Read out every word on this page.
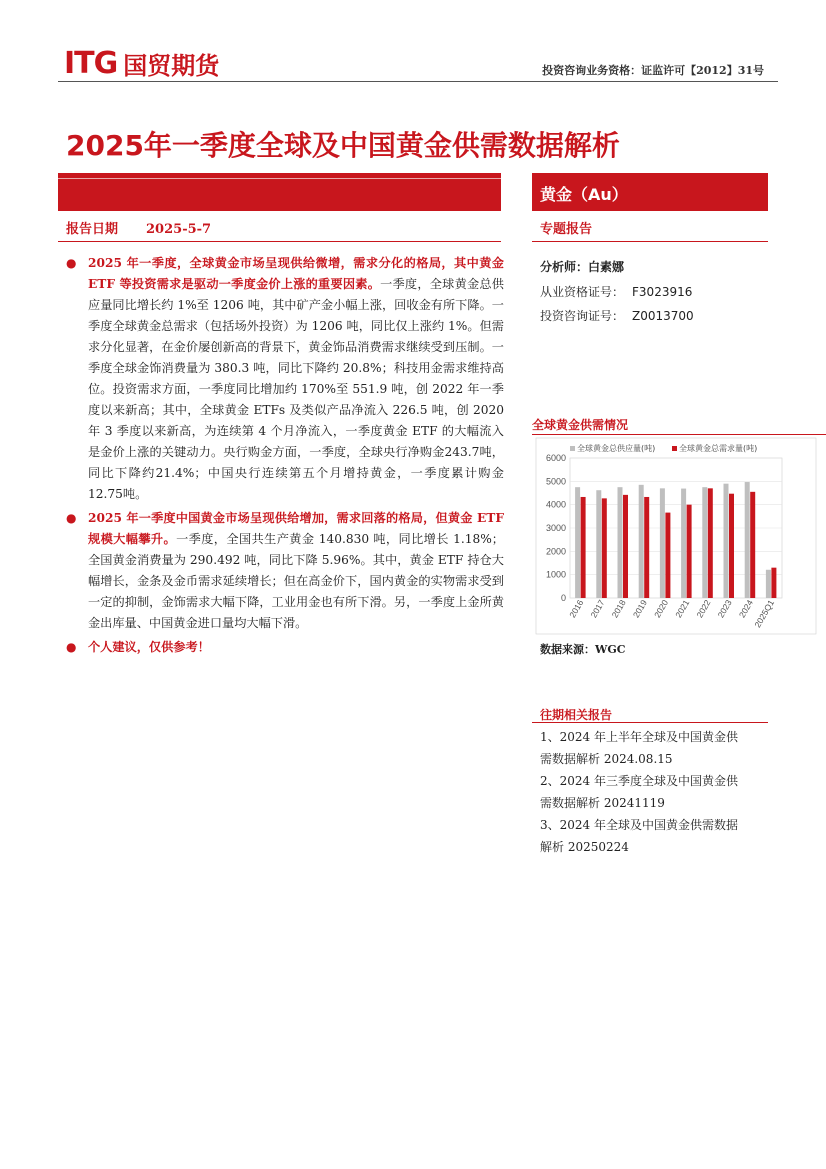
ITG 国贸期货	投资咨询业务资格：证监许可【2012】31号
2025年一季度全球及中国黄金供需数据解析
黄金（Au）
报告日期 2025-5-7	专题报告
分析师：白素娜
从业资格证号： F3023916
投资咨询证号： Z0013700
● 2025 年一季度，全球黄金市场呈现供给微增，需求分化的格局，其中黄金 ETF 等投资需求是驱动一季度金价上涨的重要因素。一季度，全球黄金总供应量同比增长约 1%至 1206 吨，其中矿产金小幅上涨，回收金有所下降。一季度全球黄金总需求（包括场外投资）为 1206 吨，同比仅上涨约 1%。但需求分化显著，在金价屡创新高的背景下，黄金饰品消费需求继续受到压制。一季度全球金饰消费量为 380.3 吨，同比下降约 20.8%；科技用金需求维持高位。投资需求方面，一季度同比增加约 170%至 551.9 吨，创 2022 年一季度以来新高；其中，全球黄金 ETFs 及类似产品净流入 226.5 吨，创 2020 年 3 季度以来新高，为连续第 4 个月净流入，一季度黄金 ETF 的大幅流入是金价上涨的关键动力。央行购金方面，一季度，全球央行净购金243.7吨，同比下降约21.4%；中国央行连续第五个月增持黄金，一季度累计购金 12.75吨。
● 2025 年一季度中国黄金市场呈现供给增加，需求回落的格局，但黄金 ETF 规模大幅攀升。一季度，全国共生产黄金 140.830 吨，同比增长 1.18%；全国黄金消费量为 290.492 吨，同比下降 5.96%。其中，黄金 ETF 持仓大幅增长，金条及金币需求延续增长；但在高金价下，国内黄金的实物需求受到一定的抑制，金饰需求大幅下降，工业用金也有所下滑。另，一季度上金所黄金出库量、中国黄金进口量均大幅下滑。
● 个人建议，仅供参考！
全球黄金供需情况
0
1000
2000
3000
4000
5000
6000
2016 2017 2018 2019 2020 2021 2022 2023 2024
2025Q1
全球黄金总供应量(吨)	全球黄金总需求量(吨)
数据来源：WGC
往期相关报告
1、2024 年上半年全球及中国黄金供
需数据解析 2024.08.15
2、2024 年三季度全球及中国黄金供
需数据解析 20241119
3、2024 年全球及中国黄金供需数据
解析 20250224
